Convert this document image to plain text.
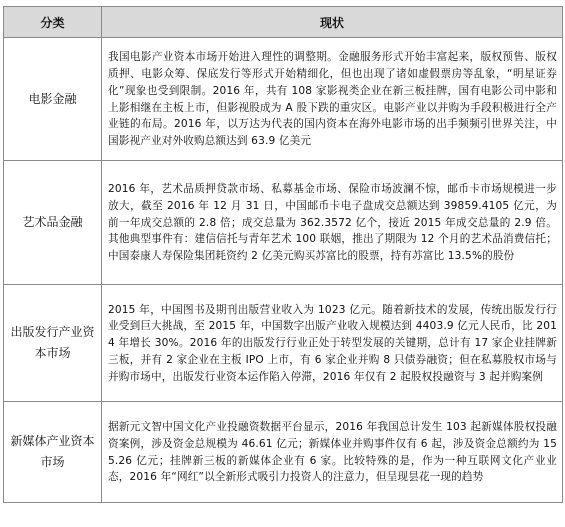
分类	现状
电影金融	我国电影产业资本市场开始进入理性的调整期。金融服务形式开始丰富起来，版权预售、版权质押、电影众筹、保底发行等形式开始精细化，但也出现了诸如虚假票房等乱象，“明星证券化”现象也受到限制。2016 年，共有 108 家影视类企业在新三板挂牌，国有电影公司中影和上影相继在主板上市，但影视股成为 A 股下跌的重灾区。电影产业以并购为手段积极进行全产业链的布局。2016 年，以万达为代表的国内资本在海外电影市场的出手频频引世界关注，中国影视产业对外收购总额达到 63.9 亿美元
艺术品金融	2016 年，艺术品质押贷款市场、私募基金市场、保险市场波澜不惊，邮币卡市场规模进一步放大，截至 2016 年 12 月 31 日，中国邮币卡电子盘成交总额达到 39859.4105 亿元，为前一年成交总额的 2.8 倍；成交总量为 362.3572 亿个，接近 2015 年成交总量的 2.9 倍。其他典型事件有：建信信托与青年艺术 100 联姻，推出了期限为 12 个月的艺术品消费信托；中国泰康人寿保险集团耗资约 2 亿美元购买苏富比的股票，持有苏富比 13.5%的股份
出版发行产业资本市场	2015 年，中国图书及期刊出版营业收入为 1023 亿元。随着新技术的发展，传统出版发行行业受到巨大挑战，至 2015 年，中国数字出版产业收入规模达到 4403.9 亿元人民币，比 2014 年增长 30%。2016 年的出版发行行业正处于转型发展的关键期，总计有 17 家企业挂牌新三板，并有 2 家企业在主板 IPO 上市，有 6 家企业并购 8 只债券融资；但在私募股权市场与并购市场中，出版发行业资本运作陷入停滞，2016 年仅有 2 起股权投融资与 3 起并购案例
新媒体产业资本市场	据新元文智中国文化产业投融资数据平台显示，2016 年我国总计发生 103 起新媒体股权投融资案例，涉及资金总规模为 46.61 亿元；新媒体业并购事件仅有 6 起，涉及资金总额约为 155.26 亿元；挂牌新三板的新媒体企业有 6 家。比较特殊的是，作为一种互联网文化产业业态，2016 年“网红”以全新形式吸引力投资人的注意力，但呈现昙花一现的趋势
